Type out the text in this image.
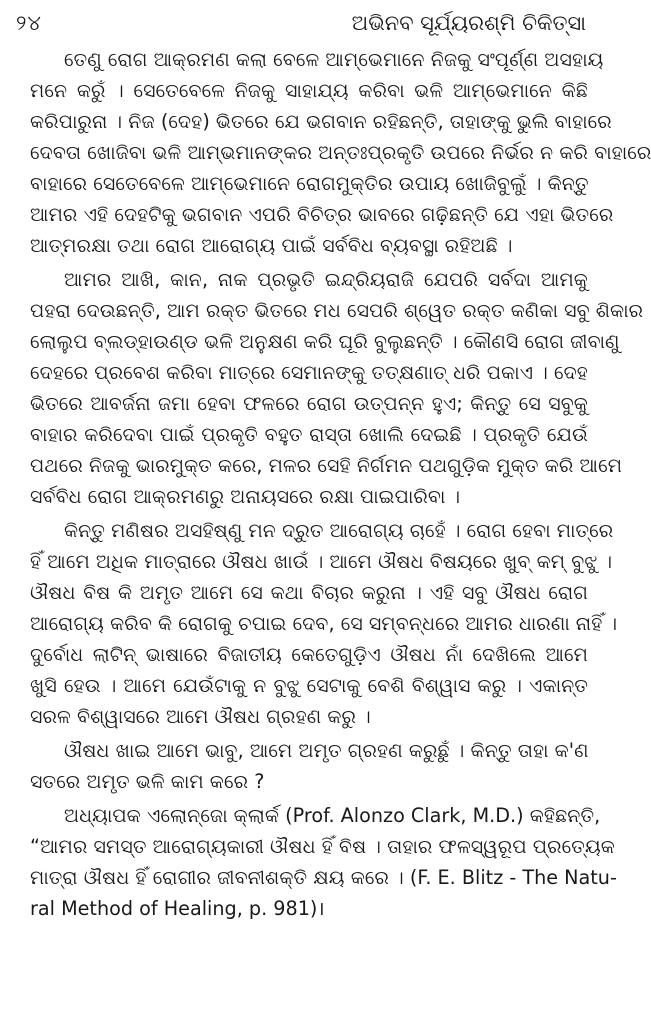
୨୪	ଅଭିନବ ସୂର୍ଯ୍ୟରଶ୍ମି ଚିକିତ୍ସା
ତେଣୁ ରୋଗ ଆକ୍ରମଣ କଲା ବେଳେ ଆମ୍ଭେମାନେ ନିଜକୁ ସଂପୂର୍ଣ୍ଣ ଅସହାୟ
ମନେ କରୁଁ । ସେତେବେଳେ ନିଜକୁ ସାହାଯ୍ୟ କରିବା ଭଳି ଆମ୍ଭେମାନେ କିଛି
କରିପାରୁନା । ନିଜ (ଦେହ) ଭିତରେ ଯେ ଭଗବାନ ରହିଛନ୍ତି, ତାହାଙ୍କୁ ଭୁଲି ବାହାରେ
ଦେବତା ଖୋଜିବା ଭଳି ଆମ୍ଭମାନଙ୍କର ଅନ୍ତଃପ୍ରକୃତି ଉପରେ ନିର୍ଭର ନ କରି ବାହାରେ
ବାହାରେ ସେତେବେଳେ ଆମ୍ଭେମାନେ ରୋଗମୁକ୍ତିର ଉପାୟ ଖୋଜିବୁଲୁଁ । କିନ୍ତୁ
ଆମର ଏହି ଦେହଟିକୁ ଭଗବାନ ଏପରି ବିଚିତ୍ର ଭାବରେ ଗଢ଼ିଛନ୍ତି ଯେ ଏହା ଭିତରେ
ଆତ୍ମରକ୍ଷା ତଥା ରୋଗ ଆରୋଗ୍ୟ ପାଇଁ ସର୍ବବିଧ ବ୍ୟବସ୍ଥା ରହିଅଛି ।
ଆମର ଆଖି, କାନ, ନାକ ପ୍ରଭୃତି ଇନ୍ଦ୍ରିୟରାଜି ଯେପରି ସର୍ବଦା ଆମକୁ
ପହରା ଦେଉଛନ୍ତି, ଆମ ରକ୍ତ ଭିତରେ ମଧ ସେପରି ଶ୍ୱେତ ରକ୍ତ କଣିକା ସବୁ ଶିକାର
ଲୋଲୁପ ବ୍ଲଡ୍‌ହାଉଣ୍ଡ ଭଳି ଅନୁକ୍ଷଣ କରି ଘୂରି ବୁଲୁଛନ୍ତି । କୌଣସି ରୋଗ ଜୀବାଣୁ
ଦେହରେ ପ୍ରବେଶ କରିବା ମାତ୍ରେ ସେମାନଙ୍କୁ ତତ୍‌କ୍ଷଣାତ୍ ଧରି ପକାଏ । ଦେହ
ଭିତରେ ଆବର୍ଜନା ଜମା ହେବା ଫଳରେ ରୋଗ ଉତ୍ପନ୍ନ ହୁଏ; କିନ୍ତୁ ସେ ସବୁକୁ
ବାହାର କରିଦେବା ପାଇଁ ପ୍ରକୃତି ବହୁତ ରାସ୍ତା ଖୋଲି ଦେଇଛି । ପ୍ରକୃତି ଯେଉଁ
ପଥରେ ନିଜକୁ ଭାରମୁକ୍ତ କରେ, ମଳର ସେହି ନିର୍ଗମନ ପଥଗୁଡ଼ିକ ମୁକ୍ତ କରି ଆମେ
ସର୍ବବିଧ ରୋଗ ଆକ୍ରମଣରୁ ଅନାୟସରେ ରକ୍ଷା ପାଇପାରିବା ।
କିନ୍ତୁ ମଣିଷର ଅସହିଷ୍ଣୁ ମନ ଦ୍ରୁତ ଆରୋଗ୍ୟ ଚାହେଁ । ରୋଗ ହେବା ମାତ୍ରେ
ହିଁ ଆମେ ଅଧିକ ମାତ୍ରାରେ ଔଷଧ ଖାଉଁ । ଆମେ ଔଷଧ ବିଷୟରେ ଖୁବ୍ କମ୍ ବୁଝୁ ।
ଔଷଧ ବିଷ କି ଅମୃତ ଆମେ ସେ କଥା ବିଚାର କରୁନା । ଏହି ସବୁ ଔଷଧ ରୋଗ
ଆରୋଗ୍ୟ କରିବ କି ରୋଗକୁ ଚପାଇ ଦେବ, ସେ ସମ୍ବନ୍ଧରେ ଆମର ଧାରଣା ନାହିଁ ।
ଦୁର୍ବୋଧ ଲାଟିନ୍ ଭାଷାରେ ବିଜାତୀୟ କେତେଗୁଡ଼ିଏ ଔଷଧ ନାଁ ଦେଖିଲେ ଆମେ
ଖୁସି ହେଉ । ଆମେ ଯେଉଁଟାକୁ ନ ବୁଝୁ ସେଟାକୁ ବେଶି ବିଶ୍ୱାସ କରୁ । ଏକାନ୍ତ
ସରଳ ବିଶ୍ୱାସରେ ଆମେ ଔଷଧ ଗ୍ରହଣ କରୁ ।
ଔଷଧ ଖାଇ ଆମେ ଭାବୁ, ଆମେ ଅମୃତ ଗ୍ରହଣ କରୁଛୁଁ । କିନ୍ତୁ ତାହା କ'ଣ
ସତରେ ଅମୃତ ଭଳି କାମ କରେ ?
ଅଧ୍ୟାପକ ଏଲୋନ୍‌ଜୋ କ୍ଲାର୍କ (Prof. Alonzo Clark, M.D.) କହିଛନ୍ତି,
“ଆମର ସମସ୍ତ ଆରୋଗ୍ୟକାରୀ ଔଷଧ ହିଁ ବିଷ । ତାହାର ଫଳସ୍ୱରୂପ ପ୍ରତ୍ୟେକ
ମାତ୍ରା ଔଷଧ ହିଁ ରୋଗୀର ଜୀବନୀଶକ୍ତି କ୍ଷୟ କରେ । (F. E. Blitz - The Natu-
ral Method of Healing, p. 981)।
